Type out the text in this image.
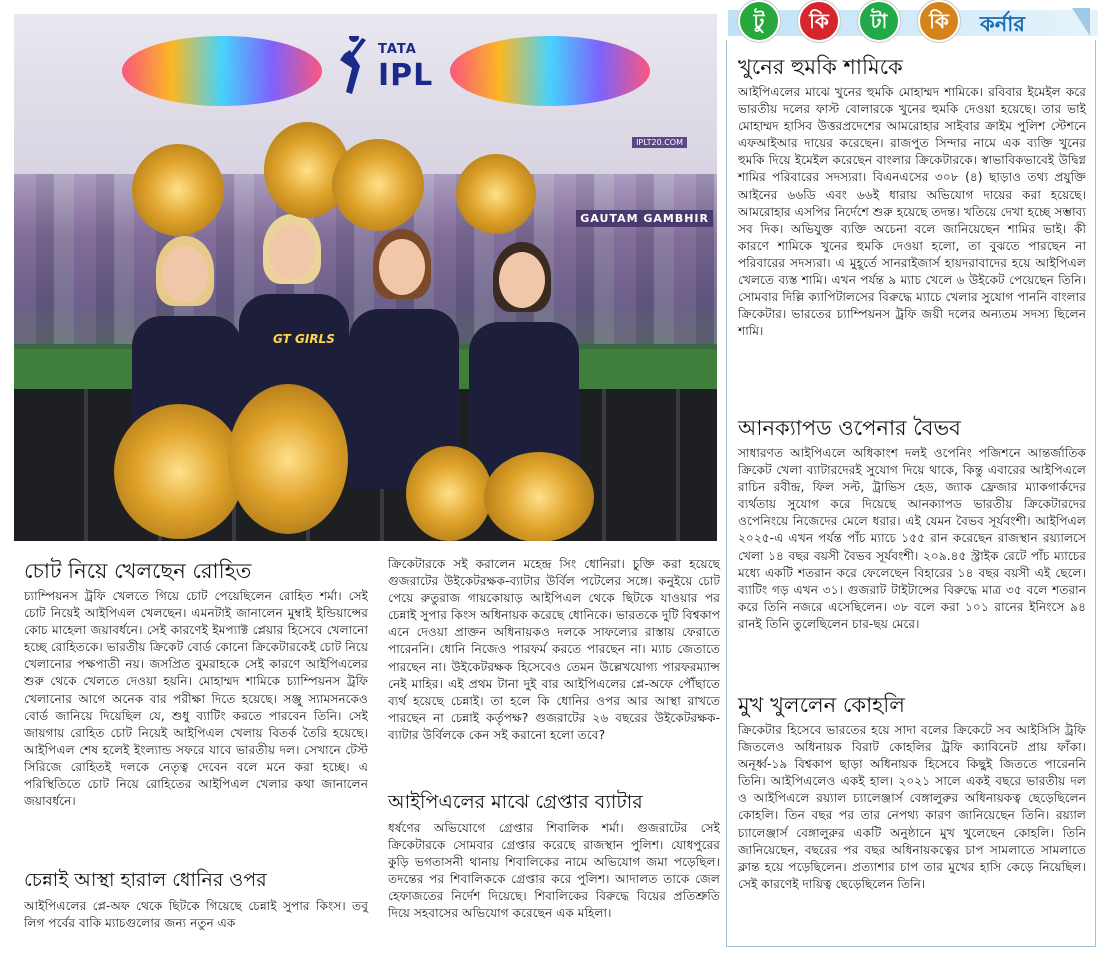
TATA
IPL
IPLT20.COM
GAUTAM GAMBHIR
GT GIRLS
টু	কি	টা	কি	কর্নার
খুনের হুমকি শামিকে

আইপিএলের মাঝে খুনের হুমকি মোহাম্মদ শামিকে। রবিবার ইমেইল করে ভারতীয় দলের ফাস্ট বোলারকে খুনের হুমকি দেওয়া হয়েছে। তার ভাই মোহাম্মদ হাসিব উত্তরপ্রদেশের আমরোহার সাইবার ক্রাইম পুলিশ স্টেশনে এফআইআর দায়ের করেছেন। রাজপুত সিন্দার নামে এক ব্যক্তি খুনের হুমকি দিয়ে ইমেইল করেছেন বাংলার ক্রিকেটারকে। স্বাভাবিকভাবেই উদ্বিগ্ন শামির পরিবারের সদস্যরা। বিএনএসের ৩০৮ (৪) ছাড়াও তথ্য প্রযুক্তি আইনের ৬৬ডি এবং ৬৬ই ধারায় অভিযোগ দায়ের করা হয়েছে। আমরোহার এসপির নির্দেশে শুরু হয়েছে তদন্ত। খতিয়ে দেখা হচ্ছে সম্ভাব্য সব দিক। অভিযুক্ত ব্যক্তি অচেনা বলে জানিয়েছেন শামির ভাই। কী কারণে শামিকে খুনের হুমকি দেওয়া হলো, তা বুঝতে পারছেন না পরিবারের সদস্যরা। এ মুহূর্তে সানরাইজার্স হায়দরাবাদের হয়ে আইপিএল খেলতে ব্যস্ত শামি। এখন পর্যন্ত ৯ ম্যাচ খেলে ৬ উইকেট পেয়েছেন তিনি। সোমবার দিল্লি ক্যাপিটালসের বিরুদ্ধে ম্যাচে খেলার সুযোগ পাননি বাংলার ক্রিকেটার। ভারতের চ্যাম্পিয়নস ট্রফি জয়ী দলের অন্যতম সদস্য ছিলেন শামি।

আনক্যাপড ওপেনার বৈভব

সাধারণত আইপিএলে অধিকাংশ দলই ওপেনিং পজিশনে আন্তর্জাতিক ক্রিকেট খেলা ব্যাটারদেরই সুযোগ দিয়ে থাকে, কিন্তু এবারের আইপিএলে রাচিন রবীন্দ্র, ফিল সল্ট, ট্রাভিস হেড, জ্যাক ফ্রেজার ম্যাকগার্কদের ব্যর্থতায় সুযোগ করে দিয়েছে আনক্যাপড ভারতীয় ক্রিকেটারদের ওপেনিংয়ে নিজেদের মেলে ধরার। এই যেমন বৈভব সূর্যবংশী। আইপিএল ২০২৫-এ এখন পর্যন্ত পাঁচ ম্যাচে ১৫৫ রান করেছেন রাজস্থান রয়্যালসে খেলা ১৪ বছর বয়সী বৈভব সূর্যবংশী। ২০৯.৪৫ স্ট্রাইক রেটে পাঁচ ম্যাচের মধ্যে একটি শতরান করে ফেলেছেন বিহারের ১৪ বছর বয়সী এই ছেলে। ব্যাটিং গড় এখন ৩১। গুজরাট টাইটান্সের বিরুদ্ধে মাত্র ৩৫ বলে শতরান করে তিনি নজরে এসেছিলেন। ৩৮ বলে করা ১০১ রানের ইনিংসে ৯৪ রানই তিনি তুলেছিলেন চার-ছয় মেরে।

মুখ খুললেন কোহলি

ক্রিকেটার হিসেবে ভারতের হয়ে সাদা বলের ক্রিকেটে সব আইসিসি ট্রফি জিতলেও অধিনায়ক বিরাট কোহলির ট্রফি ক্যাবিনেট প্রায় ফাঁকা। অনূর্ধ্ব-১৯ বিশ্বকাপ ছাড়া অধিনায়ক হিসেবে কিছুই জিততে পারেননি তিনি। আইপিএলেও একই হাল। ২০২১ সালে একই বছরে ভারতীয় দল ও আইপিএলে রয়্যাল চ্যালেঞ্জার্স বেঙ্গালুরুর অধিনায়কত্ব ছেড়েছিলেন কোহলি। তিন বছর পর তার নেপথ্য কারণ জানিয়েছেন তিনি। রয়্যাল চ্যালেঞ্জার্স বেঙ্গালুরুর একটি অনুষ্ঠানে মুখ খুলেছেন কোহলি। তিনি জানিয়েছেন, বছরের পর বছর অধিনায়কত্বের চাপ সামলাতে সামলাতে ক্লান্ত হয়ে পড়েছিলেন। প্রত্যাশার চাপ তার মুখের হাসি কেড়ে নিয়েছিল। সেই কারণেই দায়িত্ব ছেড়েছিলেন তিনি।

চোট নিয়ে খেলছেন রোহিত

চ্যাম্পিয়নস ট্রফি খেলতে গিয়ে চোট পেয়েছিলেন রোহিত শর্মা। সেই চোট নিয়েই আইপিএল খেলছেন। এমনটাই জানালেন মুম্বাই ইন্ডিয়ান্সের কোচ মাহেলা জয়াবর্ধনে। সেই কারণেই ইমপ্যাক্ট প্লেয়ার হিসেবে খেলানো হচ্ছে রোহিতকে। ভারতীয় ক্রিকেট বোর্ড কোনো ক্রিকেটারকেই চোট নিয়ে খেলানোর পক্ষপাতী নয়। জসপ্রিত বুমরাহকে সেই কারণে আইপিএলের শুরু থেকে খেলতে দেওয়া হয়নি। মোহাম্মদ শামিকে চ্যাম্পিয়নস ট্রফি খেলানোর আগে অনেক বার পরীক্ষা দিতে হয়েছে। সঞ্জু স্যামসনকেও বোর্ড জানিয়ে দিয়েছিল যে, শুধু ব্যাটিং করতে পারবেন তিনি। সেই জায়গায় রোহিত চোট নিয়েই আইপিএল খেলায় বিতর্ক তৈরি হয়েছে। আইপিএল শেষ হলেই ইংল্যান্ড সফরে যাবে ভারতীয় দল। সেখানে টেস্ট সিরিজে রোহিতই দলকে নেতৃত্ব দেবেন বলে মনে করা হচ্ছে। এ পরিস্থিতিতে চোট নিয়ে রোহিতের আইপিএল খেলার কথা জানালেন জয়াবর্ধনে।

চেন্নাই আস্থা হারাল ধোনির ওপর

আইপিএলের প্লে-অফ থেকে ছিটকে গিয়েছে চেন্নাই সুপার কিংস। তবু লিগ পর্বের বাকি ম্যাচগুলোর জন্য নতুন এক

ক্রিকেটারকে সই করালেন মহেন্দ্র সিং ধোনিরা। চুক্তি করা হয়েছে গুজরাটের উইকেটরক্ষক-ব্যাটার উর্বিল পটেলের সঙ্গে। কনুইয়ে চোট পেয়ে রুতুরাজ গায়কোয়াড় আইপিএল থেকে ছিটকে যাওয়ার পর চেন্নাই সুপার কিংস অধিনায়ক করেছে ধোনিকে। ভারতকে দুটি বিশ্বকাপ এনে দেওয়া প্রাক্তন অধিনায়কও দলকে সাফল্যের রাস্তায় ফেরাতে পারেননি। ধোনি নিজেও পারফর্ম করতে পারছেন না। ম্যাচ জেতাতে পারছেন না। উইকেটরক্ষক হিসেবেও তেমন উল্লেখযোগ্য পারফরম্যান্স নেই মাহির। এই প্রথম টানা দুই বার আইপিএলের প্লে-অফে পৌঁছাতে ব্যর্থ হয়েছে চেন্নাই। তা হলে কি ধোনির ওপর আর আস্থা রাখতে পারছেন না চেন্নাই কর্তৃপক্ষ? গুজরাটের ২৬ বছরের উইকেটরক্ষক-ব্যাটার উর্বিলকে কেন সই করানো হলো তবে?

আইপিএলের মাঝে গ্রেপ্তার ব্যাটার

ধর্ষণের অভিযোগে গ্রেপ্তার শিবালিক শর্মা। গুজরাটের সেই ক্রিকেটারকে সোমবার গ্রেপ্তার করেছে রাজস্থান পুলিশ। যোধপুরের কুড়ি ভগতাসনী থানায় শিবালিকের নামে অভিযোগ জমা পড়েছিল। তদন্তের পর শিবালিককে গ্রেপ্তার করে পুলিশ। আদালত তাকে জেল হেফাজতের নির্দেশ দিয়েছে। শিবালিকের বিরুদ্ধে বিয়ের প্রতিশ্রুতি দিয়ে সহবাসের অভিযোগ করেছেন এক মহিলা।
